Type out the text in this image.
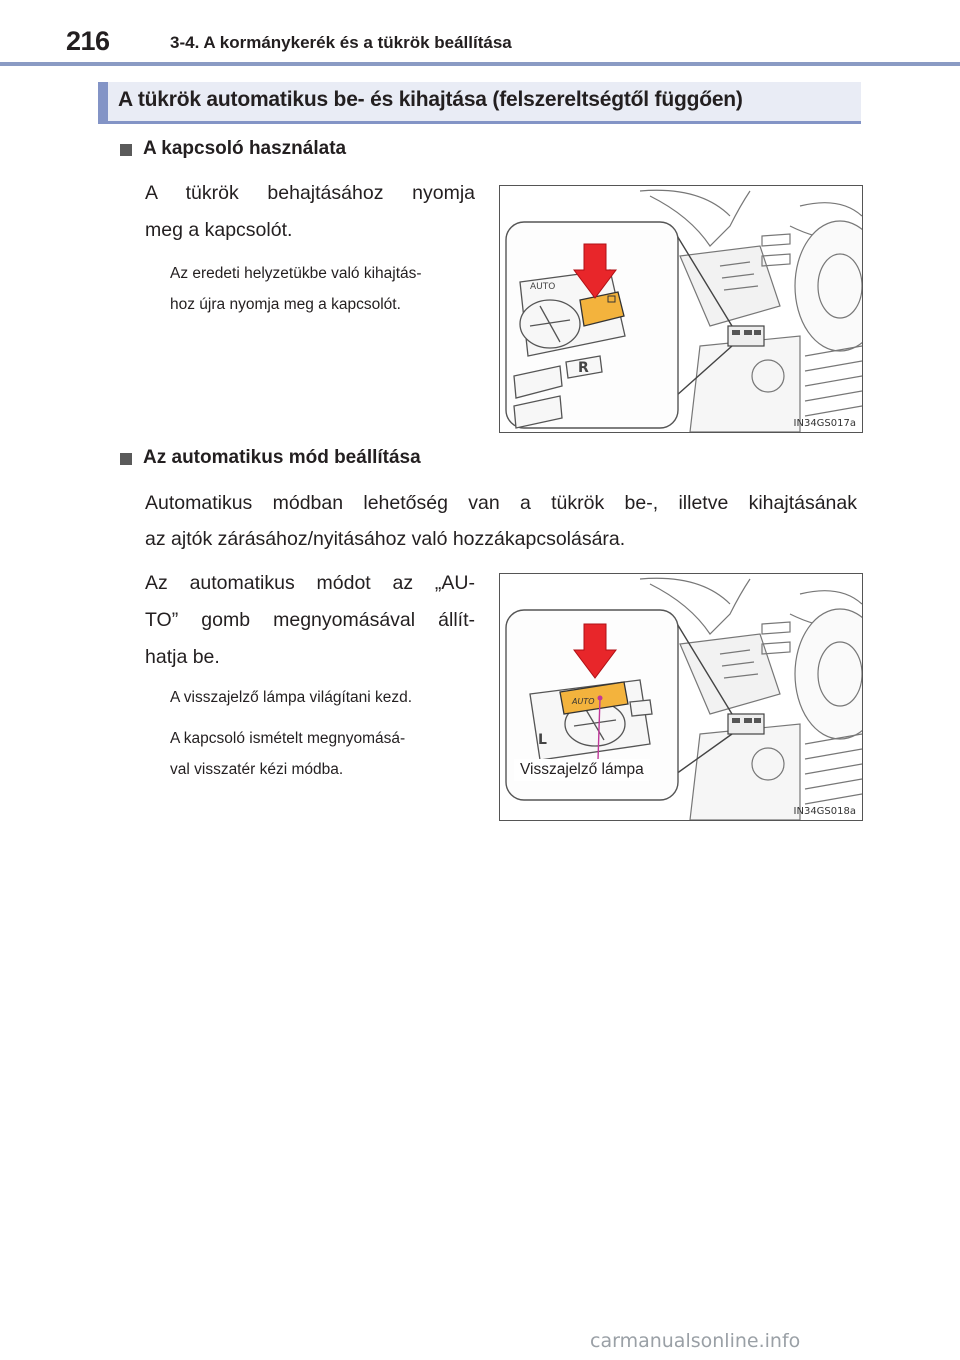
216	3-4. A kormánykerék és a tükrök beállítása
A tükrök automatikus be- és kihajtása (felszereltségtől függően)
A kapcsoló használata
A tükrök behajtásához nyomja
meg a kapcsolót.
Az eredeti helyzetükbe való kihajtás-
hoz újra nyomja meg a kapcsolót.
AUTO
R
IN34GS017a
Az automatikus mód beállítása
Automatikus módban lehetőség van a tükrök be-, illetve kihajtásának
az ajtók zárásához/nyitásához való hozzákapcsolására.
Az automatikus módot az „AU-
TO” gomb megnyomásával állít-
hatja be.
A visszajelző lámpa világítani kezd.
A kapcsoló ismételt megnyomásá-
val visszatér kézi módba.
AUTO
L
Visszajelző lámpa
IN34GS018a
carmanualsonline.info
